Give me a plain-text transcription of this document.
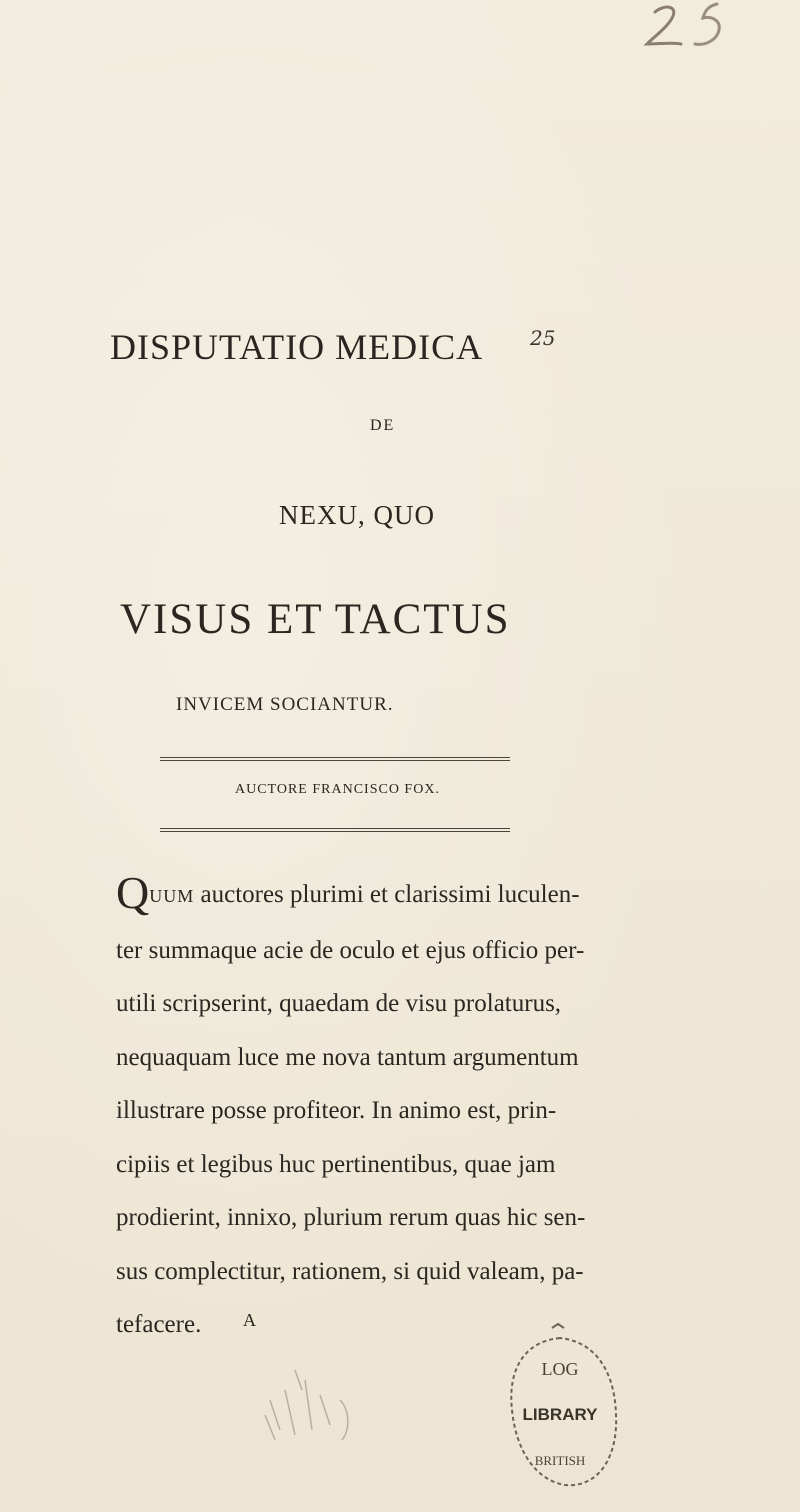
DISPUTATIO MEDICA 25
DE
NEXU, QUO
VISUS ET TACTUS
INVICEM SOCIANTUR.
AUCTORE FRANCISCO FOX.
QUUM auctores plurimi et clarissimi luculen-
ter summaque acie de oculo et ejus officio per-
utili scripserint, quaedam de visu prolaturus,
nequaquam luce me nova tantum argumentum
illustrare posse profiteor. In animo est, prin-
cipiis et legibus huc pertinentibus, quae jam
prodierint, innixo, plurium rerum quas hic sen-
sus complectitur, rationem, si quid valeam, pa-
tefacere.	A
LOG
LIBRARY
BRITISH
